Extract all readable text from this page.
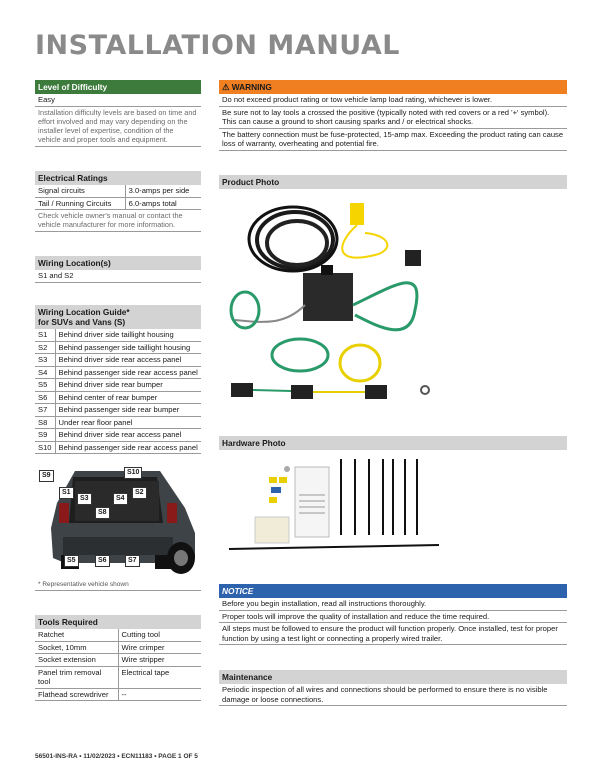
INSTALLATION MANUAL
Level of Difficulty
Easy
Installation difficulty levels are based on time and effort involved and may vary depending on the installer level of expertise, condition of the vehicle and proper tools and equipment.
Electrical Ratings
Signal circuits	3.0-amps per side
Tail / Running Circuits	6.0-amps total
Check vehicle owner's manual or contact the vehicle manufacturer for more information.
Wiring Location(s)
S1 and S2
Wiring Location Guide*
for SUVs and Vans (S)
S1	Behind driver side taillight housing
S2	Behind passenger side taillight housing
S3	Behind driver side rear access panel
S4	Behind passenger side rear access panel
S5	Behind driver side rear bumper
S6	Behind center of rear bumper
S7	Behind passenger side rear bumper
S8	Under rear floor panel
S9	Behind driver side rear access panel
S10	Behind passenger side rear access panel
S9	S10
S1	S2
S3	S4
S8
S5	S6	S7
* Representative vehicle shown
Tools Required
Ratchet	Cutting tool
Socket, 10mm	Wire crimper
Socket extension	Wire stripper
Panel trim removal tool	Electrical tape
Flathead screwdriver	--
⚠ WARNING
Do not exceed product rating or tow vehicle lamp load rating, whichever is lower.
Be sure not to lay tools a crossed the positive (typically noted with red covers or a red '+' symbol). This can cause a ground to short causing sparks and / or electrical shocks.
The battery connection must be fuse-protected, 15-amp max. Exceeding the product rating can cause loss of warranty, overheating and potential fire.
Product Photo
Hardware Photo
NOTICE
Before you begin installation, read all instructions thoroughly.
Proper tools will improve the quality of installation and reduce the time required.
All steps must be followed to ensure the product will function properly. Once installed, test for proper function by using a test light or connecting a properly wired trailer.
Maintenance
Periodic inspection of all wires and connections should be performed to ensure there is no visible damage or loose connections.
56501-INS-RA • 11/02/2023 • ECN11183 • PAGE 1 OF 5
